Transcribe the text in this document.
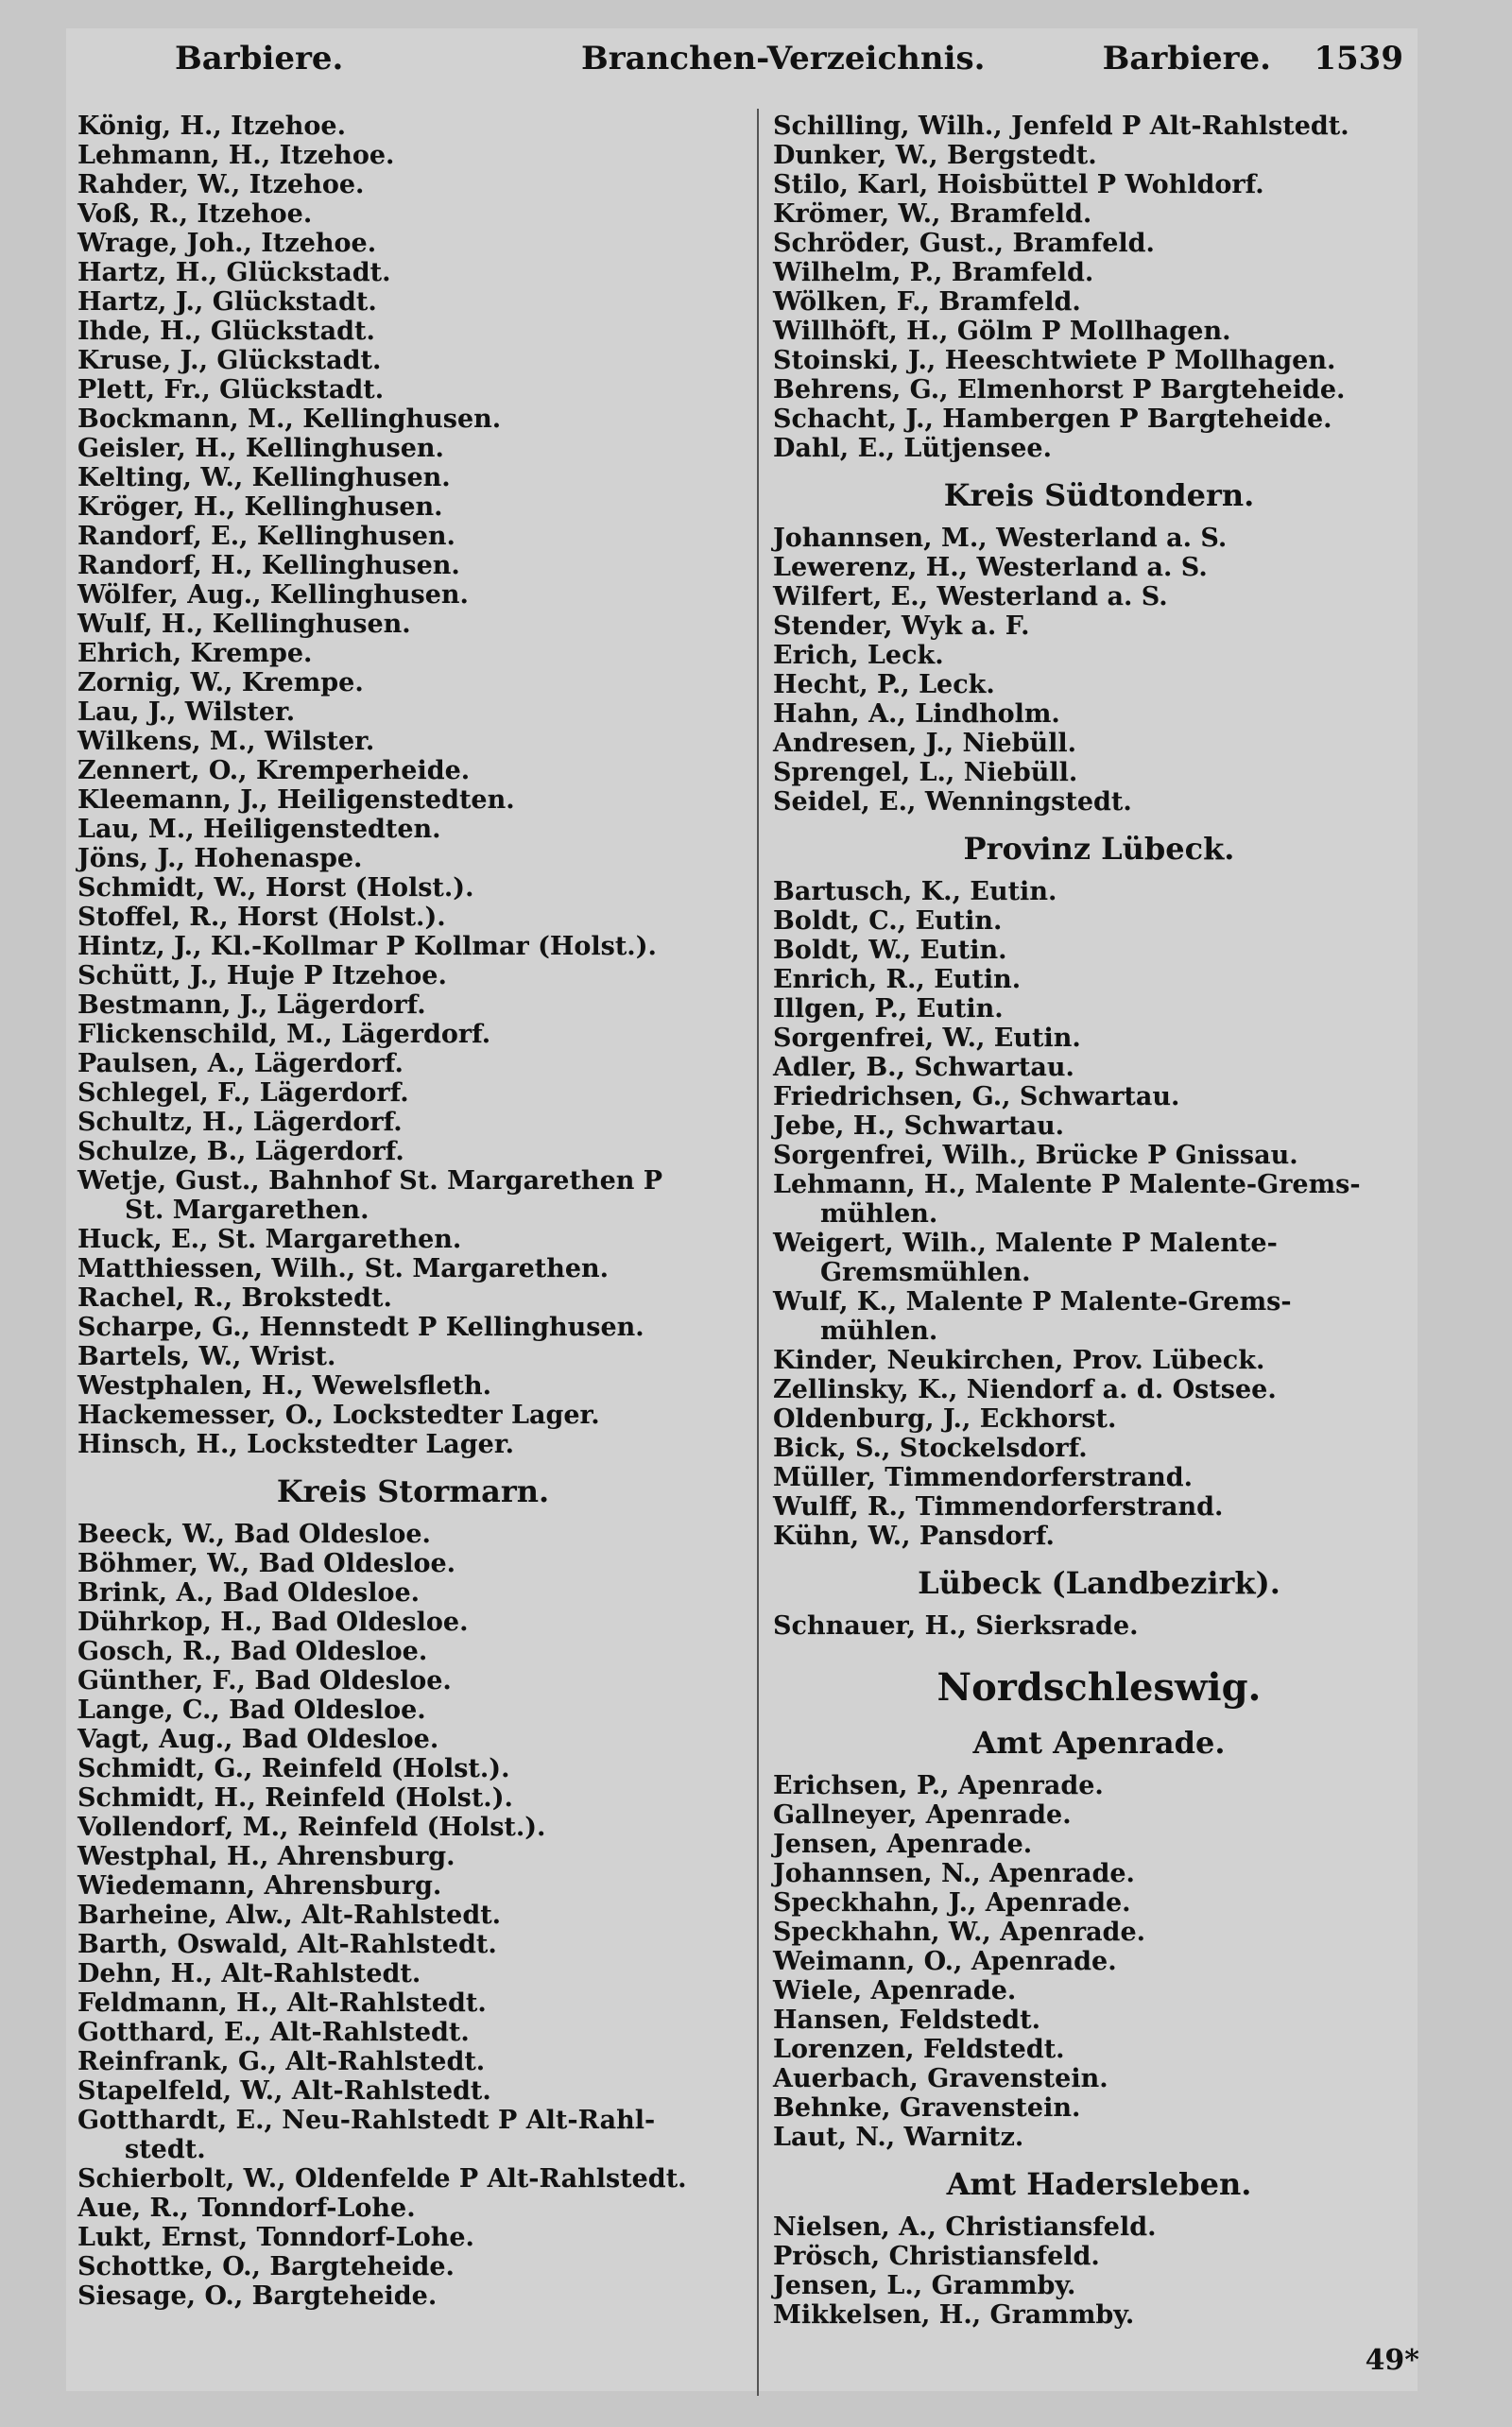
Barbiere.	Branchen-Verzeichnis.	Barbiere. 1539
König, H., Itzehoe.
Lehmann, H., Itzehoe.
Rahder, W., Itzehoe.
Voß, R., Itzehoe.
Wrage, Joh., Itzehoe.
Hartz, H., Glückstadt.
Hartz, J., Glückstadt.
Ihde, H., Glückstadt.
Kruse, J., Glückstadt.
Plett, Fr., Glückstadt.
Bockmann, M., Kellinghusen.
Geisler, H., Kellinghusen.
Kelting, W., Kellinghusen.
Kröger, H., Kellinghusen.
Randorf, E., Kellinghusen.
Randorf, H., Kellinghusen.
Wölfer, Aug., Kellinghusen.
Wulf, H., Kellinghusen.
Ehrich, Krempe.
Zornig, W., Krempe.
Lau, J., Wilster.
Wilkens, M., Wilster.
Zennert, O., Kremperheide.
Kleemann, J., Heiligenstedten.
Lau, M., Heiligenstedten.
Jöns, J., Hohenaspe.
Schmidt, W., Horst (Holst.).
Stoffel, R., Horst (Holst.).
Hintz, J., Kl.-Kollmar P Kollmar (Holst.).
Schütt, J., Huje P Itzehoe.
Bestmann, J., Lägerdorf.
Flickenschild, M., Lägerdorf.
Paulsen, A., Lägerdorf.
Schlegel, F., Lägerdorf.
Schultz, H., Lägerdorf.
Schulze, B., Lägerdorf.
Wetje, Gust., Bahnhof St. Margarethen P
St. Margarethen.
Huck, E., St. Margarethen.
Matthiessen, Wilh., St. Margarethen.
Rachel, R., Brokstedt.
Scharpe, G., Hennstedt P Kellinghusen.
Bartels, W., Wrist.
Westphalen, H., Wewelsfleth.
Hackemesser, O., Lockstedter Lager.
Hinsch, H., Lockstedter Lager.
Kreis Stormarn.
Beeck, W., Bad Oldesloe.
Böhmer, W., Bad Oldesloe.
Brink, A., Bad Oldesloe.
Dührkop, H., Bad Oldesloe.
Gosch, R., Bad Oldesloe.
Günther, F., Bad Oldesloe.
Lange, C., Bad Oldesloe.
Vagt, Aug., Bad Oldesloe.
Schmidt, G., Reinfeld (Holst.).
Schmidt, H., Reinfeld (Holst.).
Vollendorf, M., Reinfeld (Holst.).
Westphal, H., Ahrensburg.
Wiedemann, Ahrensburg.
Barheine, Alw., Alt-Rahlstedt.
Barth, Oswald, Alt-Rahlstedt.
Dehn, H., Alt-Rahlstedt.
Feldmann, H., Alt-Rahlstedt.
Gotthard, E., Alt-Rahlstedt.
Reinfrank, G., Alt-Rahlstedt.
Stapelfeld, W., Alt-Rahlstedt.
Gotthardt, E., Neu-Rahlstedt P Alt-Rahl-
stedt.
Schierbolt, W., Oldenfelde P Alt-Rahlstedt.
Aue, R., Tonndorf-Lohe.
Lukt, Ernst, Tonndorf-Lohe.
Schottke, O., Bargteheide.
Siesage, O., Bargteheide.
Schilling, Wilh., Jenfeld P Alt-Rahlstedt.
Dunker, W., Bergstedt.
Stilo, Karl, Hoisbüttel P Wohldorf.
Krömer, W., Bramfeld.
Schröder, Gust., Bramfeld.
Wilhelm, P., Bramfeld.
Wölken, F., Bramfeld.
Willhöft, H., Gölm P Mollhagen.
Stoinski, J., Heeschtwiete P Mollhagen.
Behrens, G., Elmenhorst P Bargteheide.
Schacht, J., Hambergen P Bargteheide.
Dahl, E., Lütjensee.
Kreis Südtondern.
Johannsen, M., Westerland a. S.
Lewerenz, H., Westerland a. S.
Wilfert, E., Westerland a. S.
Stender, Wyk a. F.
Erich, Leck.
Hecht, P., Leck.
Hahn, A., Lindholm.
Andresen, J., Niebüll.
Sprengel, L., Niebüll.
Seidel, E., Wenningstedt.
Provinz Lübeck.
Bartusch, K., Eutin.
Boldt, C., Eutin.
Boldt, W., Eutin.
Enrich, R., Eutin.
Illgen, P., Eutin.
Sorgenfrei, W., Eutin.
Adler, B., Schwartau.
Friedrichsen, G., Schwartau.
Jebe, H., Schwartau.
Sorgenfrei, Wilh., Brücke P Gnissau.
Lehmann, H., Malente P Malente-Grems-
mühlen.
Weigert, Wilh., Malente P Malente-
Gremsmühlen.
Wulf, K., Malente P Malente-Grems-
mühlen.
Kinder, Neukirchen, Prov. Lübeck.
Zellinsky, K., Niendorf a. d. Ostsee.
Oldenburg, J., Eckhorst.
Bick, S., Stockelsdorf.
Müller, Timmendorferstrand.
Wulff, R., Timmendorferstrand.
Kühn, W., Pansdorf.
Lübeck (Landbezirk).
Schnauer, H., Sierksrade.
Nordschleswig.
Amt Apenrade.
Erichsen, P., Apenrade.
Gallneyer, Apenrade.
Jensen, Apenrade.
Johannsen, N., Apenrade.
Speckhahn, J., Apenrade.
Speckhahn, W., Apenrade.
Weimann, O., Apenrade.
Wiele, Apenrade.
Hansen, Feldstedt.
Lorenzen, Feldstedt.
Auerbach, Gravenstein.
Behnke, Gravenstein.
Laut, N., Warnitz.
Amt Hadersleben.
Nielsen, A., Christiansfeld.
Prösch, Christiansfeld.
Jensen, L., Grammby.
Mikkelsen, H., Grammby.
49*
